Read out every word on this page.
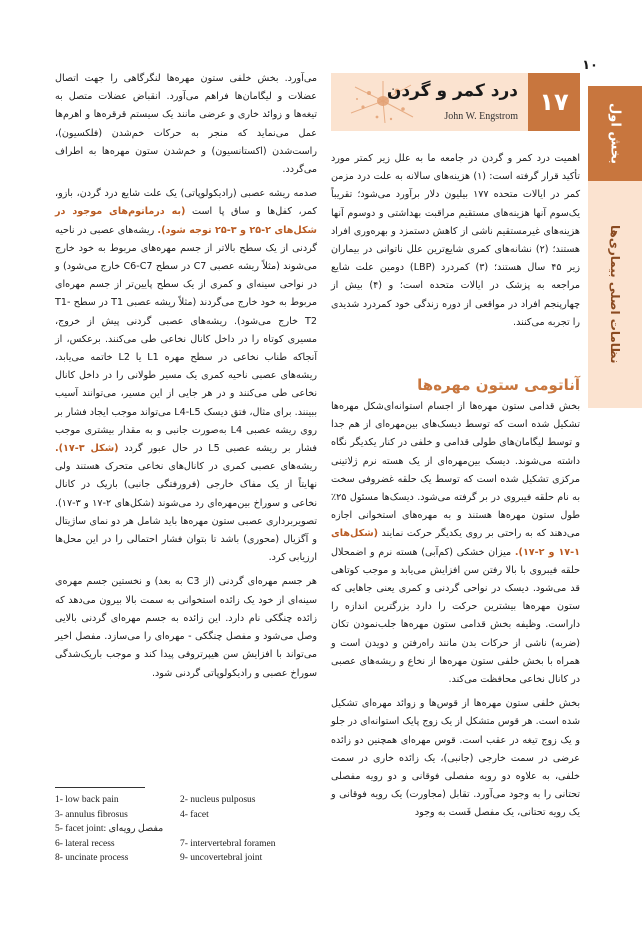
١٠
بخش اول
نظامات اصلی بیماری‌ها
درد کمر و گردن
John W. Engstrom
١٧

اهمیت درد کمر و گردن در جامعه ما به علل زیر کمتر مورد تأکید قرار گرفته است: (۱) هزینه‌های سالانه به علت درد مزمن کمر در ایالات متحده ۱۷۷ بیلیون دلار برآورد می‌شود؛ تقریباً یک‌سوم آنها هزینه‌های مستقیم مراقبت بهداشتی و دوسوم آنها هزینه‌های غیرمستقیم ناشی از کاهش دستمزد و بهره‌وری افراد هستند؛ (۲) نشانه‌های کمری شایع‌ترین علل ناتوانی در بیماران زیر ۴۵ سال هستند؛ (۳) کمردرد (LBP) دومین علت شایع مراجعه به پزشک در ایالات متحده است؛ و (۴) بیش از چهارپنجم افراد در مواقعی از دوره زندگی خود کمردرد شدیدی را تجربه می‌کنند.

آناتومی ستون مهره‌ها

بخش قدامی ستون مهره‌ها از اجسام استوانه‌ای‌شکل مهره‌ها تشکیل شده است که توسط دیسک‌های بین‌مهره‌ای از هم جدا و توسط لیگامان‌های طولی قدامی و خلفی در کنار یکدیگر نگاه داشته می‌شوند. دیسک بین‌مهره‌ای از یک هسته نرم ژلاتینی مرکزی تشکیل شده است که توسط یک حلقه غضروفی سخت به نام حلقه فیبروی در بر گرفته می‌شود. دیسک‌ها مسئول ۲۵٪ طول ستون مهره‌ها هستند و به مهره‌های استخوانی اجازه می‌دهند که به راحتی بر روی یکدیگر حرکت نمایند (شکل‌های ۱-۱۷ و ۲-۱۷). میزان خشکی (کم‌آبی) هسته نرم و اضمحلال حلقه فیبروی با بالا رفتن سن افزایش می‌یابد و موجب کوتاهی قد می‌شود. دیسک در نواحی گردنی و کمری یعنی جاهایی که ستون مهره‌ها بیشترین حرکت را دارد بزرگترین اندازه را داراست. وظیفه بخش قدامی ستون مهره‌ها جلب‌نمودن تکان (ضربه) ناشی از حرکات بدن مانند راه‌رفتن و دویدن است و همراه با بخش خلفی ستون مهره‌ها از نخاع و ریشه‌های عصبی در کانال نخاعی محافظت می‌کند.

بخش خلفی ستون مهره‌ها از قوس‌ها و زوائد مهره‌ای تشکیل شده است. هر قوس متشکل از یک زوج پایک استوانه‌ای در جلو و یک زوج تیغه در عقب است. قوس مهره‌ای همچنین دو زائده عرضی در سمت خارجی (جانبی)، یک زائده خاری در سمت خلفی، به علاوه دو رویه مفصلی فوقانی و دو رویه مفصلی تحتانی را به وجود می‌آورد. تقابل (مجاورت) یک رویه فوقانی و یک رویه تحتانی، یک مفصل فَست به وجود

می‌آورد. بخش خلفی ستون مهره‌ها لنگرگاهی را جهت اتصال عضلات و لیگامان‌ها فراهم می‌آورد. انقباض عضلات متصل به تیغه‌ها و زوائد خاری و عرضی مانند یک سیستم قرقره‌ها و اهرم‌ها عمل می‌نماید که منجر به حرکات خم‌شدن (فلکسیون)، راست‌شدن (اکستانسیون) و خم‌شدن ستون مهره‌ها به اطراف می‌گردد.

صدمه ریشه عصبی (رادیکولوپاتی) یک علت شایع درد گردن، بازو، کمر، کفل‌ها و ساق پا است (به درماتوم‌های موجود در شکل‌های ۲-۲۵ و ۳-۲۵ توجه شود). ریشه‌های عصبی در ناحیه گردنی از یک سطح بالاتر از جسم مهره‌های مربوط به خود خارج می‌شوند (مثلاً ریشه عصبی C7 در سطح C6-C7 خارج می‌شود) و در نواحی سینه‌ای و کمری از یک سطح پایین‌تر از جسم مهره‌ای مربوط به خود خارج می‌گردند (مثلاً ریشه عصبی T1 در سطح T1-T2 خارج می‌شود). ریشه‌های عصبی گردنی پیش از خروج، مسیری کوتاه را در داخل کانال نخاعی طی می‌کنند. برعکس، از آنجاکه طناب نخاعی در سطح مهره L1 یا L2 خاتمه می‌یابد، ریشه‌های عصبی ناحیه کمری یک مسیر طولانی را در داخل کانال نخاعی طی می‌کنند و در هر جایی از این مسیر، می‌توانند آسیب ببینند. برای مثال، فتق دیسک L4-L5 می‌تواند موجب ایجاد فشار بر روی ریشه عصبی L4 به‌صورت جانبی و به مقدار بیشتری موجب فشار بر ریشه عصبی L5 در حال عبور گردد (شکل ۳-۱۷). ریشه‌های عصبی کمری در کانال‌های نخاعی متحرک هستند ولی نهایتاً از یک مفاک خارجی (فرورفتگی جانبی) باریک در کانال نخاعی و سوراخ بین‌مهره‌ای رد می‌شوند (شکل‌های ۲-۱۷ و ۳-۱۷). تصویربرداری عصبی ستون مهره‌ها باید شامل هر دو نمای ساژیتال و آگزیال (محوری) باشد تا بتوان فشار احتمالی را در این محل‌ها ارزیابی کرد.

هر جسم مهره‌ای گردنی (از C3 به بعد) و نخستین جسم مهره‌ی سینه‌ای از خود یک زائده استخوانی به سمت بالا بیرون می‌دهد که زائده چنگکی نام دارد. این زائده به جسم مهره‌ای گردنی بالایی وصل می‌شود و مفصل چنگکی - مهره‌ای را می‌سازد. مفصل اخیر می‌تواند با افزایش سن هیپرتروفی پیدا کند و موجب باریک‌شدگی سوراخ عصبی و رادیکولوپاتی گردنی شود.

1- low back pain	2- nucleus pulposus
3- annulus fibrosus	4- facet
5- facet joint: مفصل رویه‌ای
6- lateral recess	7- intervertebral foramen
8- uncinate process	9- uncovertebral joint
